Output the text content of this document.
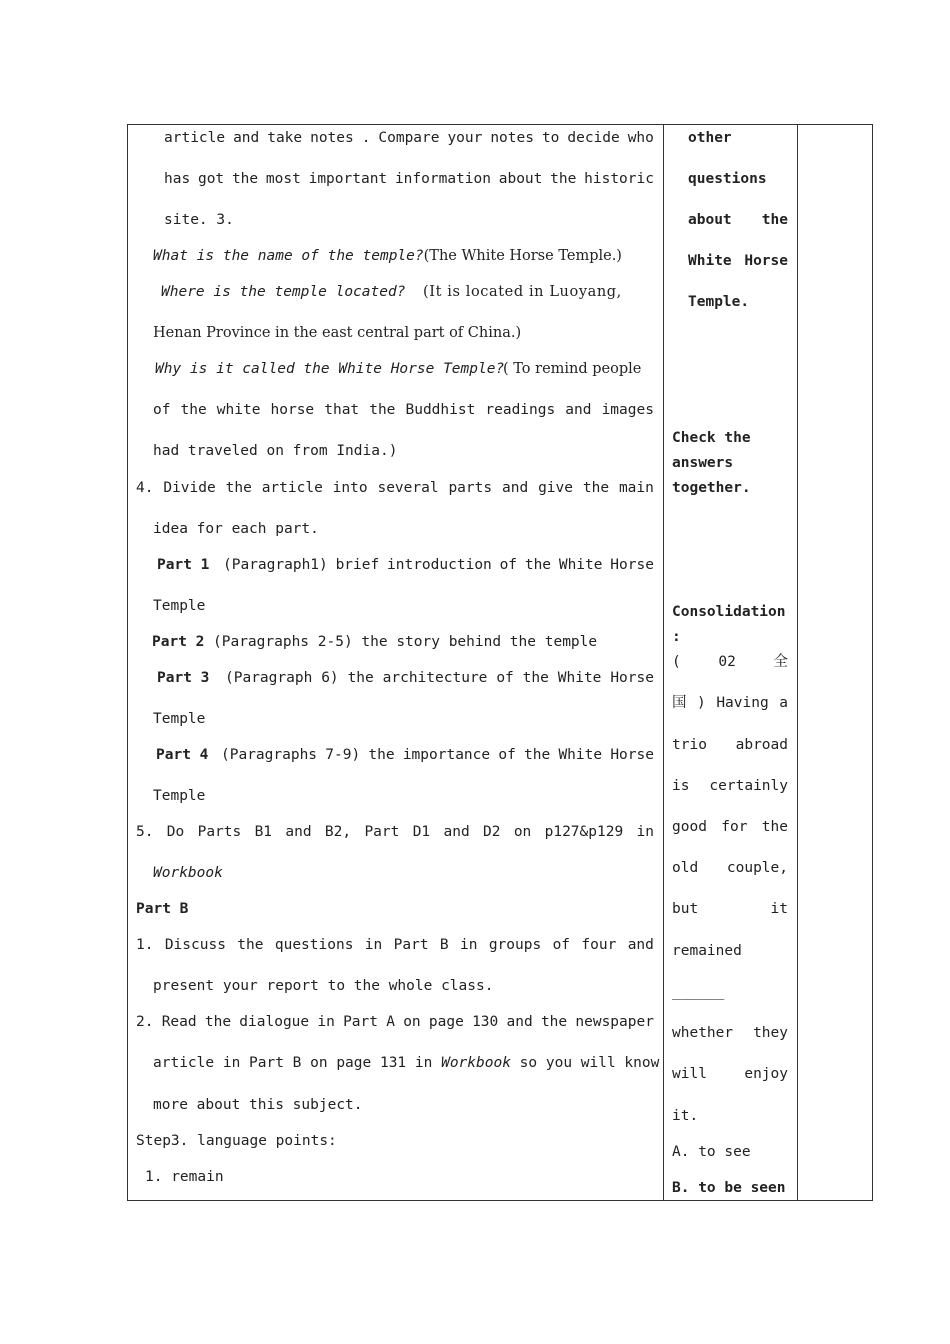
article and take notes . Compare your notes to decide who
has got the most important information about the historic
site. 3.
What is the name of the temple?(The White Horse Temple.)
Where is the temple located? (It is located in Luoyang,
Henan Province in the east central part of China.)
Why is it called the White Horse Temple?
( To remind people
of the white horse that the Buddhist readings and images
had traveled on from India.)
4. Divide the article into several parts and give the main
idea for each part.
Part 1 (Paragraph1) brief introduction of the White Horse
Temple
Part 2 (Paragraphs 2-5) the story behind the temple
Part 3 (Paragraph 6) the architecture of the White Horse
Temple
Part 4 (Paragraphs 7-9) the importance of the White Horse
Temple
5. Do Parts B1 and B2, Part D1 and D2 on p127&p129 in
Workbook
Part B
1. Discuss the questions in Part B in groups of four and
present your report to the whole class.
2. Read the dialogue in Part A on page 130 and the newspaper
article in Part B on page 131 in Workbook so you will know
more about this subject.
Step3. language points:
1. remain
other
questions
about the
White Horse
Temple.
Check the
answers
together.
Consolidation
:
(	02	全
国 ) Having a
trio abroad
is certainly
good for the
old couple,
but	it
remained
______
whether they
will	enjoy
it.
A. to see
B. to be seen
